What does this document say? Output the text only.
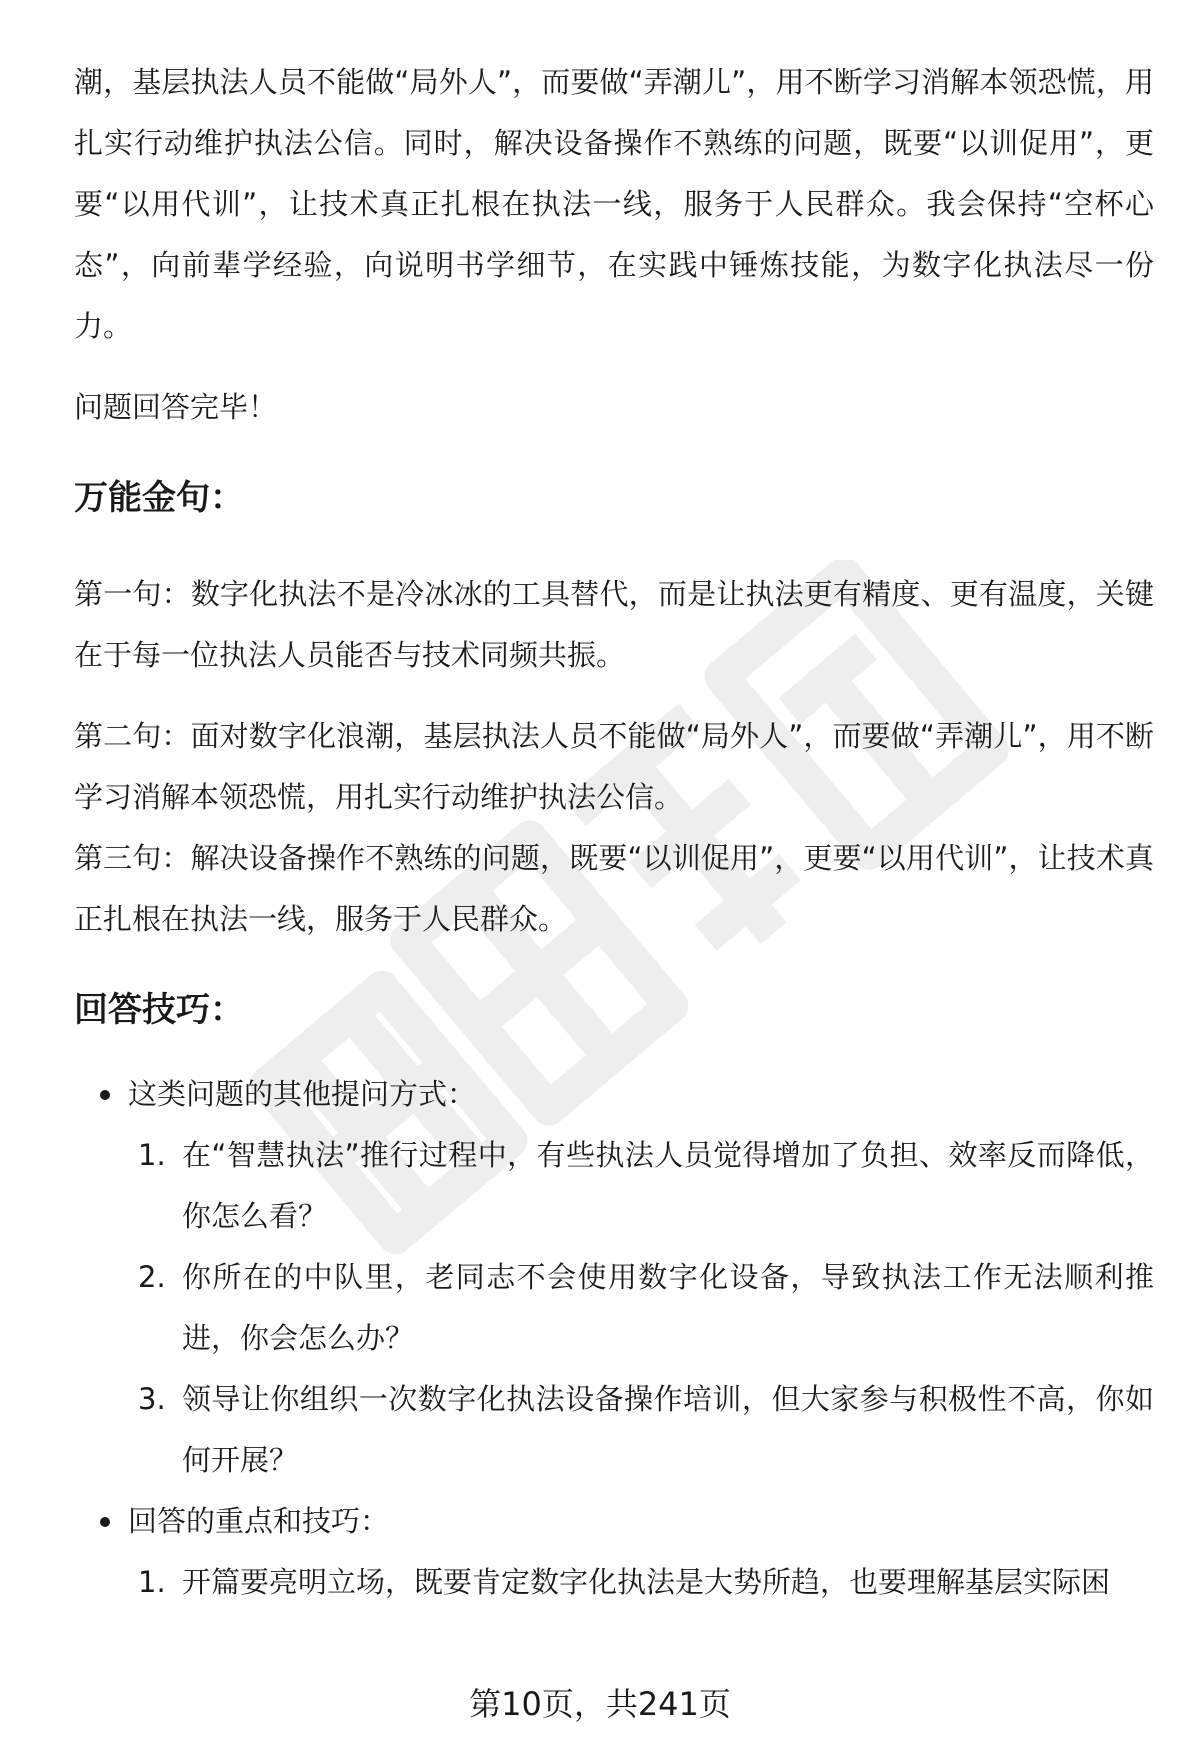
潮，基层执法人员不能做“局外人”，而要做“弄潮儿”，用不断学习消解本领恐慌，用扎实行动维护执法公信。同时，解决设备操作不熟练的问题，既要“以训促用”，更要“以用代训”，让技术真正扎根在执法一线，服务于人民群众。我会保持“空杯心态”，向前辈学经验，向说明书学细节，在实践中锤炼技能，为数字化执法尽一份力。

问题回答完毕！

万能金句：

第一句：数字化执法不是冷冰冰的工具替代，而是让执法更有精度、更有温度，关键在于每一位执法人员能否与技术同频共振。

第二句：面对数字化浪潮，基层执法人员不能做“局外人”，而要做“弄潮儿”，用不断学习消解本领恐慌，用扎实行动维护执法公信。

第三句：解决设备操作不熟练的问题，既要“以训促用”，更要“以用代训”，让技术真正扎根在执法一线，服务于人民群众。

回答技巧：

这类问题的其他提问方式：

1. 在“智慧执法”推行过程中，有些执法人员觉得增加了负担、效率反而降低，你怎么看？

2. 你所在的中队里，老同志不会使用数字化设备，导致执法工作无法顺利推进，你会怎么办？

3. 领导让你组织一次数字化执法设备操作培训，但大家参与积极性不高，你如何开展？

回答的重点和技巧：

1. 开篇要亮明立场，既要肯定数字化执法是大势所趋，也要理解基层实际困

第10页，共241页
